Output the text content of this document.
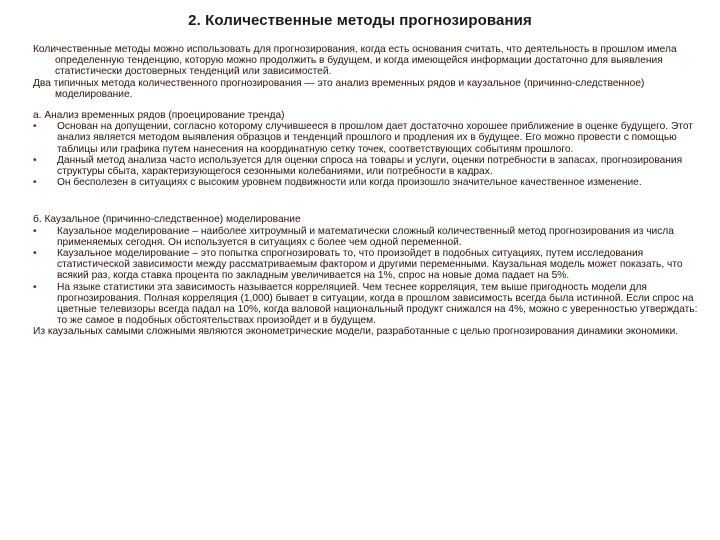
2. Количественные методы прогнозирования

Количественные методы можно использовать для прогнозирования, когда есть основания считать, что деятельность в прошлом имела определенную тенденцию, которую можно продолжить в будущем, и когда имеющейся информации достаточно для выявления статистически достоверных тенденций или зависимостей.

Два типичных метода количественного прогнозирования — это анализ временных рядов и каузальное (причинно-следственное) моделирование.

а. Анализ временных рядов (проецирование тренда)

•	Основан на допущении, согласно которому случившееся в прошлом дает достаточно хорошее приближение в оценке будущего. Этот анализ является методом выявления образцов и тенденций прошлого и продления их в будущее. Его можно провести с помощью таблицы или графика путем нанесения на координатную сетку точек, соответствующих событиям прошлого.
•	Данный метод анализа часто используется для оценки спроса на товары и услуги, оценки потребности в запасах, прогнозирования структуры сбыта, характеризующегося сезонными колебаниями, или потребности в кадрах.
•	Он бесполезен в ситуациях с высоким уровнем подвижности или когда произошло значительное качественное изменение.

б. Каузальное (причинно-следственное) моделирование

•	Каузальное моделирование – наиболее хитроумный и математически сложный количественный метод прогнозирования из числа применяемых сегодня. Он используется в ситуациях с более чем одной переменной.
•	Каузальное моделирование – это попытка спрогнозировать то, что произойдет в подобных ситуациях, путем исследования статистической зависимости между рассматриваемым фактором и другими переменными. Каузальная модель может показать, что всякий раз, когда ставка процента по закладным увеличивается на 1%, спрос на новые дома падает на 5%.
•	На языке статистики эта зависимость называется корреляцией. Чем теснее корреляция, тем выше пригодность модели для прогнозирования. Полная корреляция (1,000) бывает в ситуации, когда в прошлом зависимость всегда была истинной. Если спрос на цветные телевизоры всегда падал на 10%, когда валовой национальный продукт снижался на 4%, можно с уверенностью утверждать: то же самое в подобных обстоятельствах произойдет и в будущем.

Из каузальных самыми сложными являются эконометрические модели, разработанные с целью прогнозирования динамики экономики.
